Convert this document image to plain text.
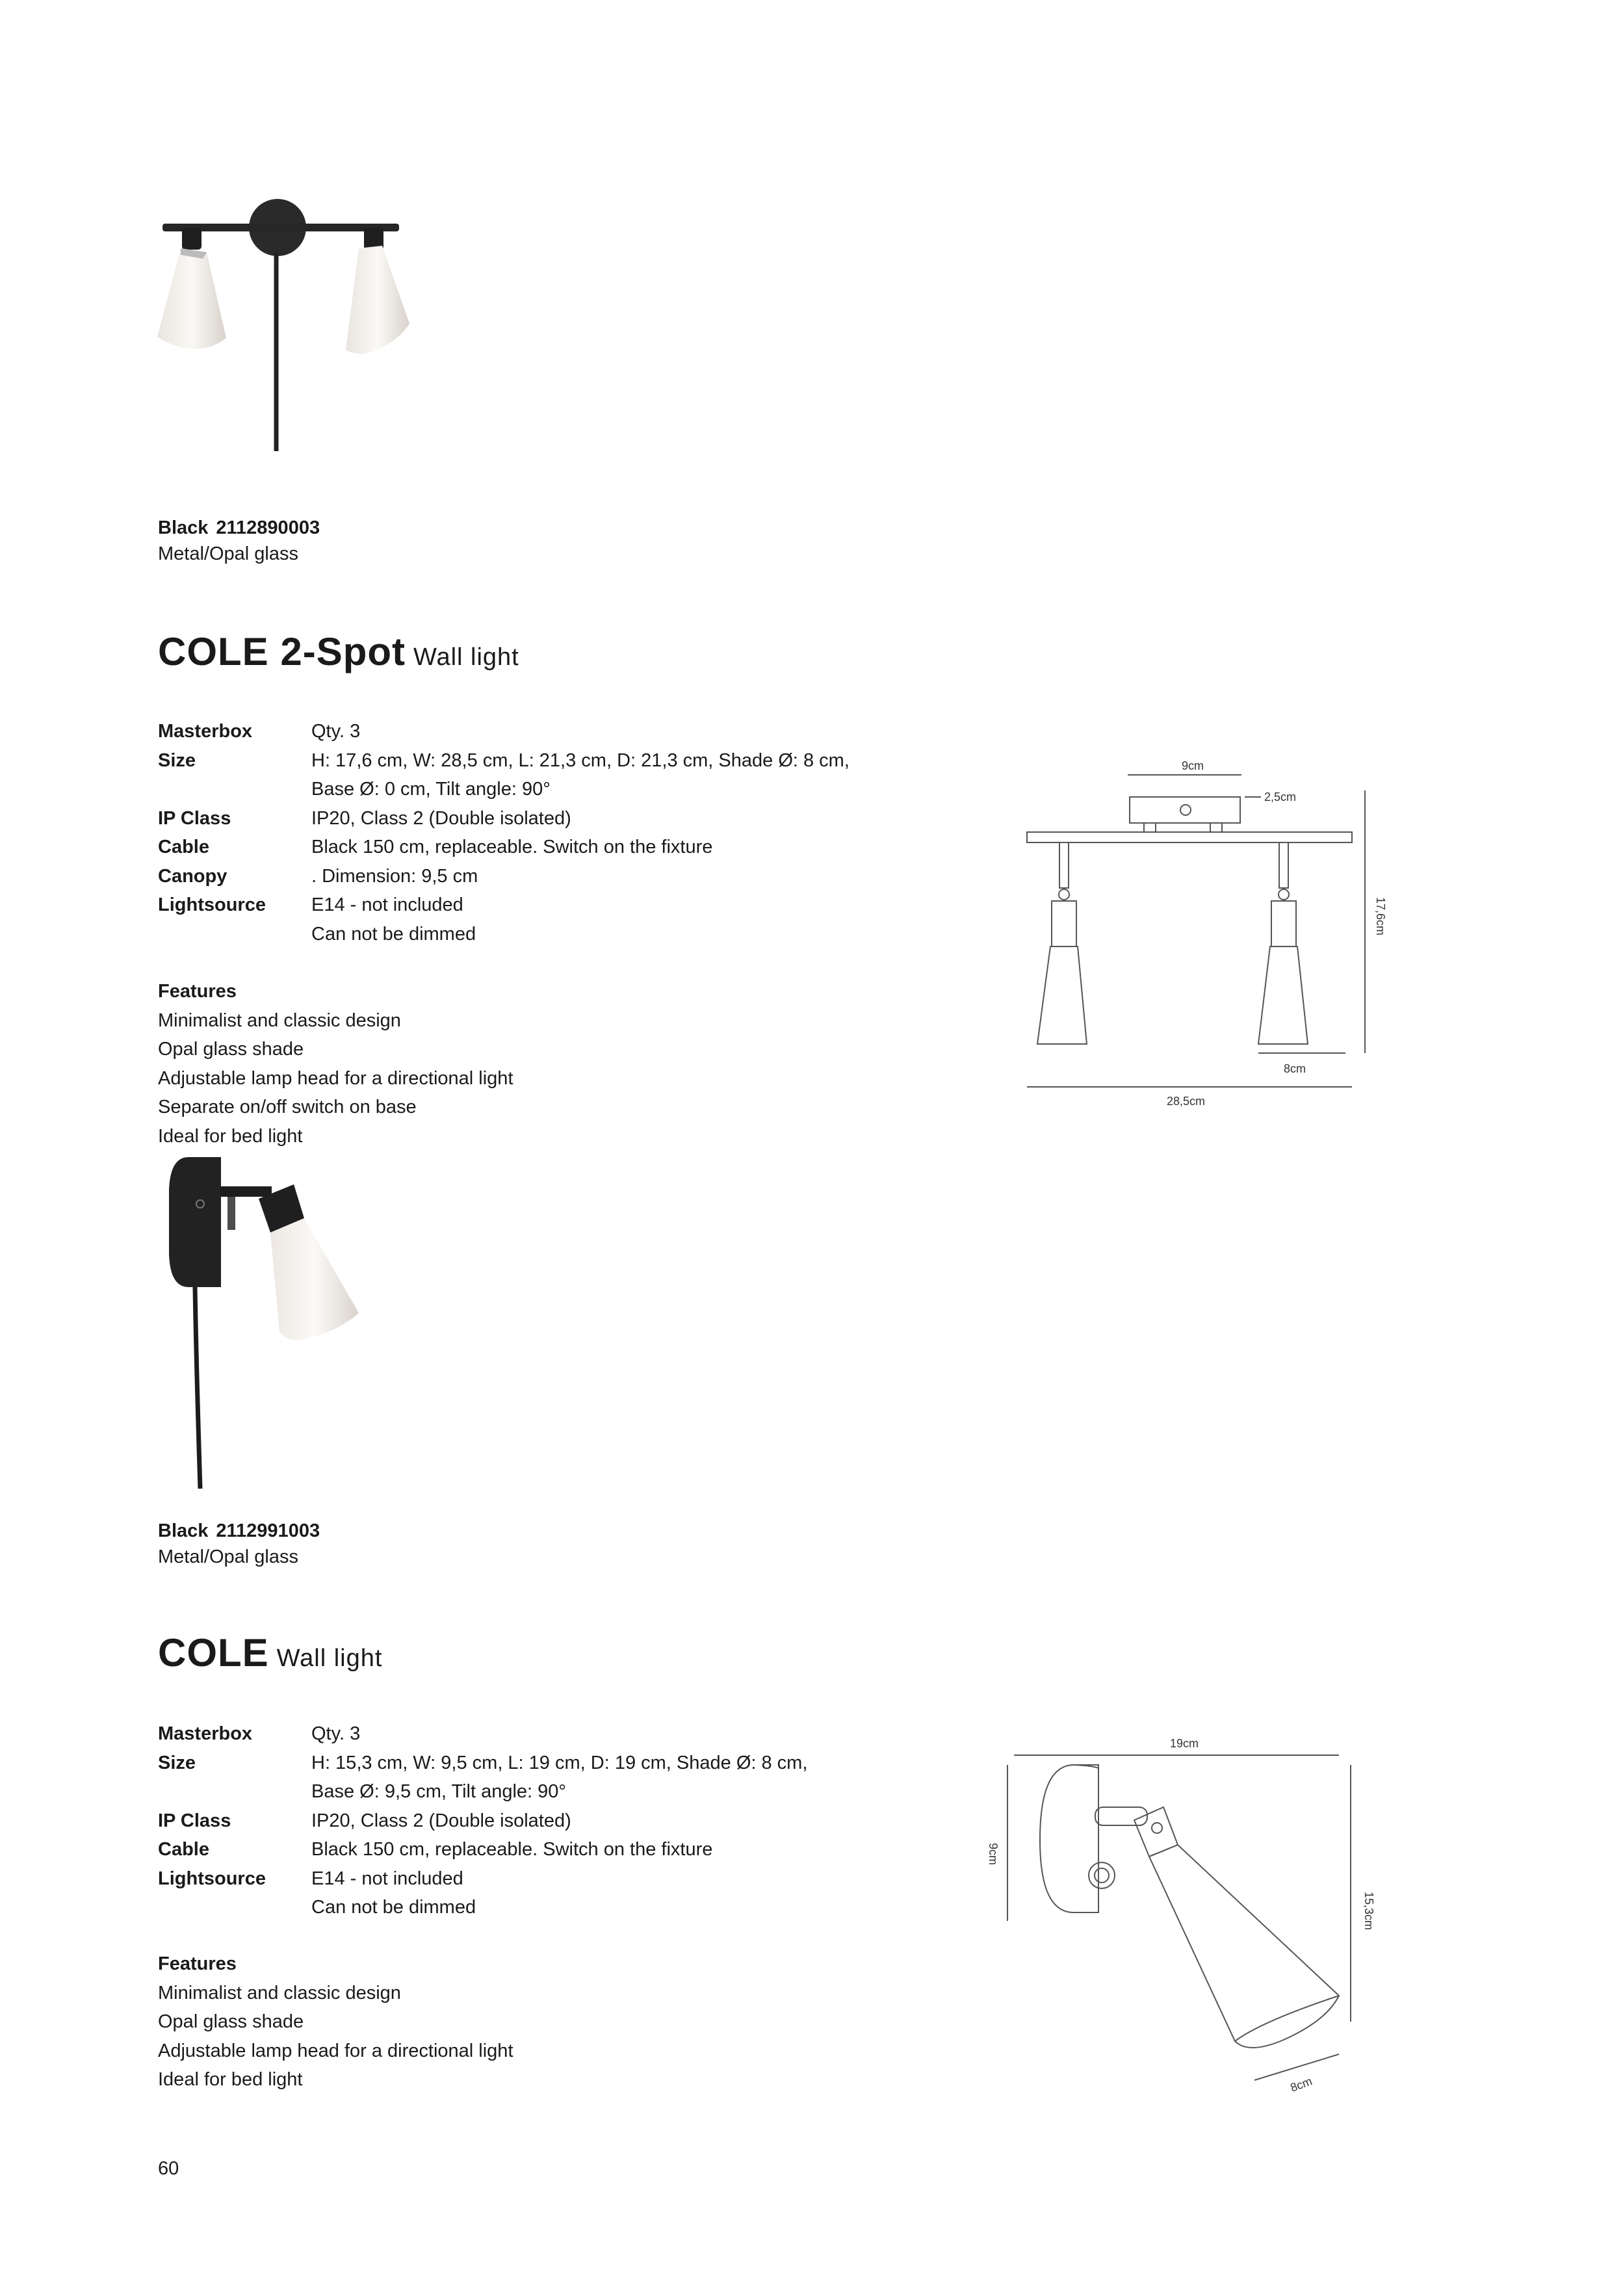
Black 2112890003
Metal/Opal glass
COLE 2-Spot Wall light
Masterbox	Qty. 3
Size	H: 17,6 cm, W: 28,5 cm, L: 21,3 cm, D: 21,3 cm, Shade Ø: 8 cm,
Base Ø: 0 cm, Tilt angle: 90°
IP Class	IP20, Class 2 (Double isolated)
Cable	Black 150 cm, replaceable. Switch on the fixture
Canopy	. Dimension: 9,5 cm
Lightsource	E14 - not included
Can not be dimmed
Features
Minimalist and classic design
Opal glass shade
Adjustable lamp head for a directional light
Separate on/off switch on base
Ideal for bed light
9cm
2,5cm
17,6cm
8cm
28,5cm
Black 2112991003
Metal/Opal glass
COLE Wall light
Masterbox	Qty. 3
Size	H: 15,3 cm, W: 9,5 cm, L: 19 cm, D: 19 cm, Shade Ø: 8 cm,
Base Ø: 9,5 cm, Tilt angle: 90°
IP Class	IP20, Class 2 (Double isolated)
Cable	Black 150 cm, replaceable. Switch on the fixture
Lightsource	E14 - not included
Can not be dimmed
Features
Minimalist and classic design
Opal glass shade
Adjustable lamp head for a directional light
Ideal for bed light
19cm
9cm
15,3cm
8cm
60
